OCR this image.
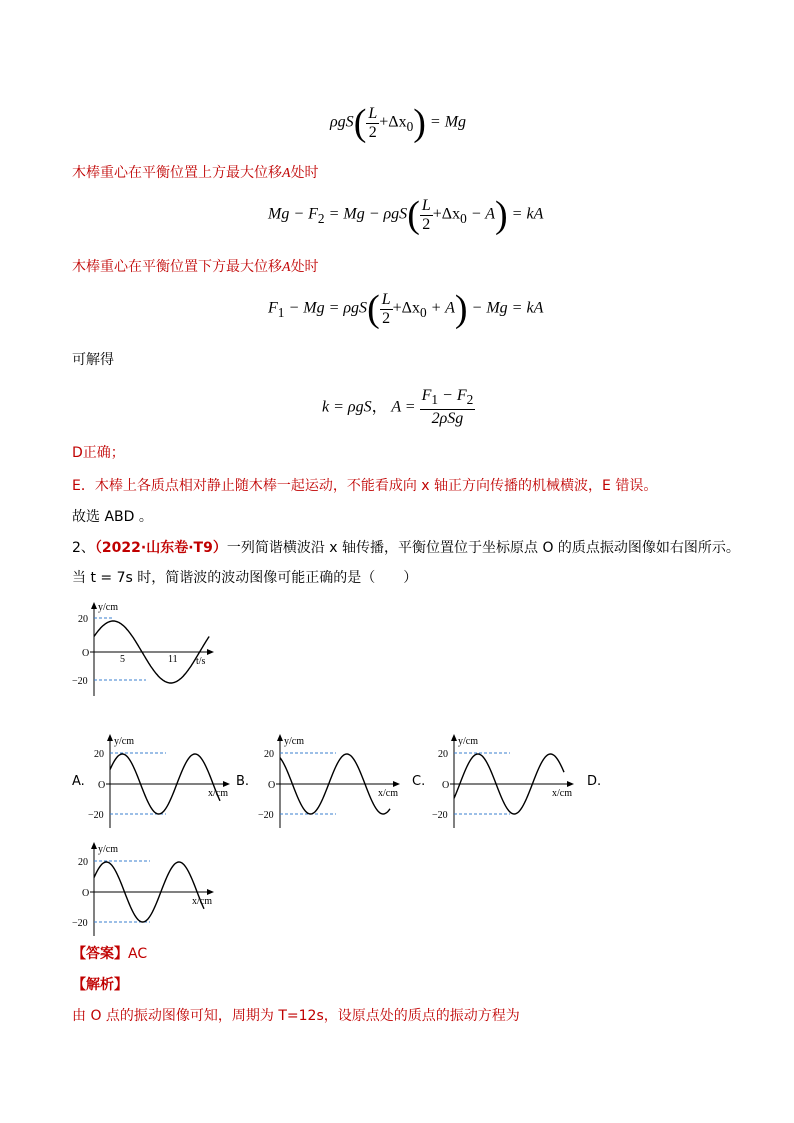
$\rho gS( \frac{L}{2} +\Delta x_0) = Mg$
木棒重心在平衡位置上方最大位移A处时
$Mg - F_2 = Mg - \rho gS( \frac{L}{2} +\Delta x_0 - A)$ = kA
木棒重心在平衡位置下方最大位移A处时
$F_1 - Mg = \rho gS( \frac{L}{2} +\Delta x_0 + A) - Mg$ = kA
可解得
k = ρgS， $A = \frac{F_1 - F_2}{\text{2ρSg}}$
D正确；
E．木棒上各质点相对静止随木棒一起运动，不能看成向 x 轴正方向传播的机械横波，E 错误。
故选 ABD 。
2、（2022·山东卷·T9）一列简谐横波沿 x 轴传播，平衡位置位于坐标原点 O 的质点振动图像如右图所示。
当 t = 7s 时，简谐波的波动图像可能正确的是（　　）
y/cm
t/s
O
20
−20
5	11
y/cm
x/cm
O
20
−20
A.
y/cm
x/cm
O
20
−20
B.
y/cm
x/cm
O
20
−20
C.	D.
y/cm
x/cm
O
20
−20
【答案】AC
【解析】
由 O 点的振动图像可知，周期为 T=12s，设原点处的质点的振动方程为
